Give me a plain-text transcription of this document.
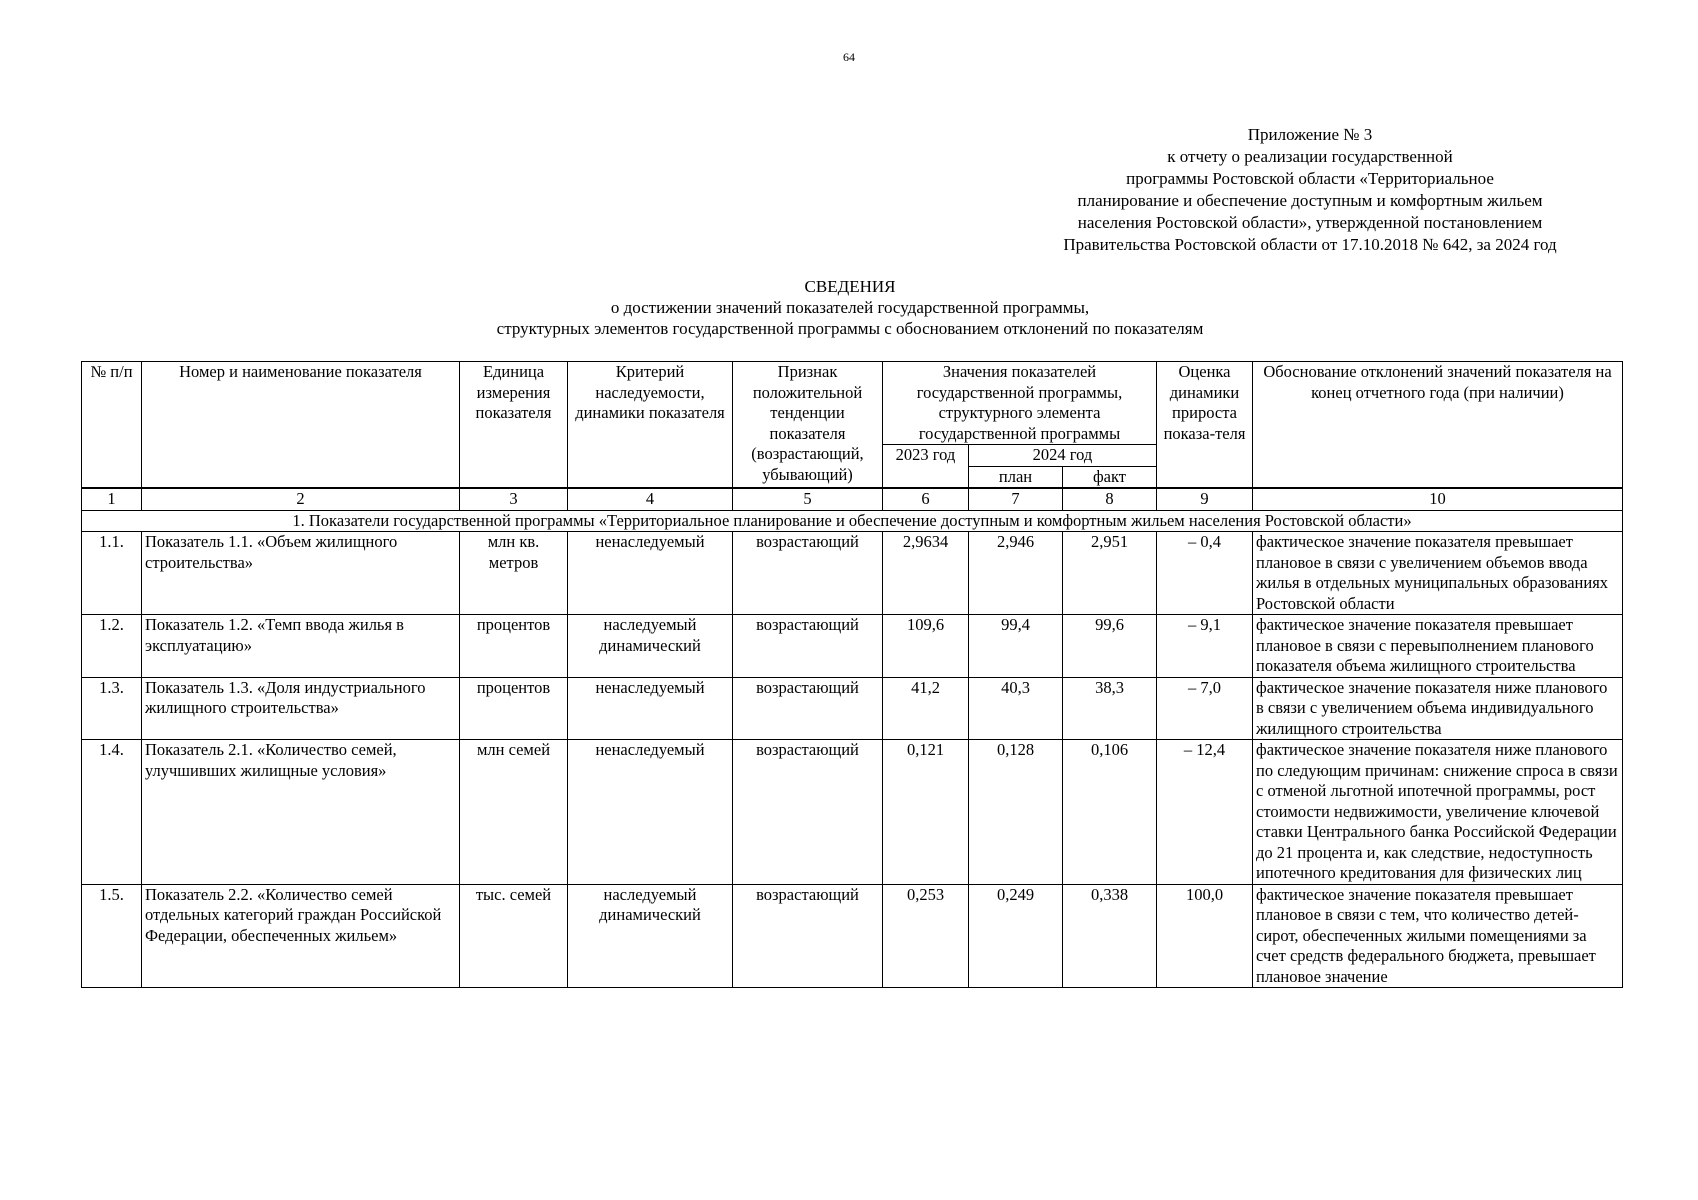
64
Приложение № 3
к отчету о реализации государственной
программы Ростовской области «Территориальное
планирование и обеспечение доступным и комфортным жильем
населения Ростовской области», утвержденной постановлением
Правительства Ростовской области от 17.10.2018 № 642, за 2024 год
СВЕДЕНИЯ
о достижении значений показателей государственной программы,
структурных элементов государственной программы с обоснованием отклонений по показателям
№ п/п	Номер и наименование показателя	Единица измерения показателя	Критерий наследуемости, динамики показателя	Признак положительной тенденции показателя (возрастающий, убывающий)	Значения показателей государственной программы, структурного элемента государственной программы			Оценка динамики прироста показа-теля	Обоснование отклонений значений показателя на конец отчетного года (при наличии)
					2023 год	2024 год			
						план	факт		
1	2	3	4	5	6	7	8	9	10
1. Показатели государственной программы «Территориальное планирование и обеспечение доступным и комфортным жильем населения Ростовской области»									
1.1.	Показатель 1.1. «Объем жилищного строительства»	млн кв. метров	ненаследуемый	возрастающий	2,9634	2,946	2,951	– 0,4	фактическое значение показателя превышает плановое в связи с увеличением объемов ввода жилья в отдельных муниципальных образованиях Ростовской области
1.2.	Показатель 1.2. «Темп ввода жилья в эксплуатацию»	процентов	наследуемый динамический	возрастающий	109,6	99,4	99,6	– 9,1	фактическое значение показателя превышает плановое в связи с перевыполнением планового показателя объема жилищного строительства
1.3.	Показатель 1.3. «Доля индустриального жилищного строительства»	процентов	ненаследуемый	возрастающий	41,2	40,3	38,3	– 7,0	фактическое значение показателя ниже планового в связи с увеличением объема индивидуального жилищного строительства
1.4.	Показатель 2.1. «Количество семей, улучшивших жилищные условия»	млн семей	ненаследуемый	возрастающий	0,121	0,128	0,106	– 12,4	фактическое значение показателя ниже планового по следующим причинам: снижение спроса в связи с отменой льготной ипотечной программы, рост стоимости недвижимости, увеличение ключевой ставки Центрального банка Российской Федерации до 21 процента и, как следствие, недоступность ипотечного кредитования для физических лиц
1.5.	Показатель 2.2. «Количество семей отдельных категорий граждан Российской Федерации, обеспеченных жильем»	тыс. семей	наследуемый динамический	возрастающий	0,253	0,249	0,338	100,0	фактическое значение показателя превышает плановое в связи с тем, что количество детей-сирот, обеспеченных жилыми помещениями за счет средств федерального бюджета, превышает плановое значение
